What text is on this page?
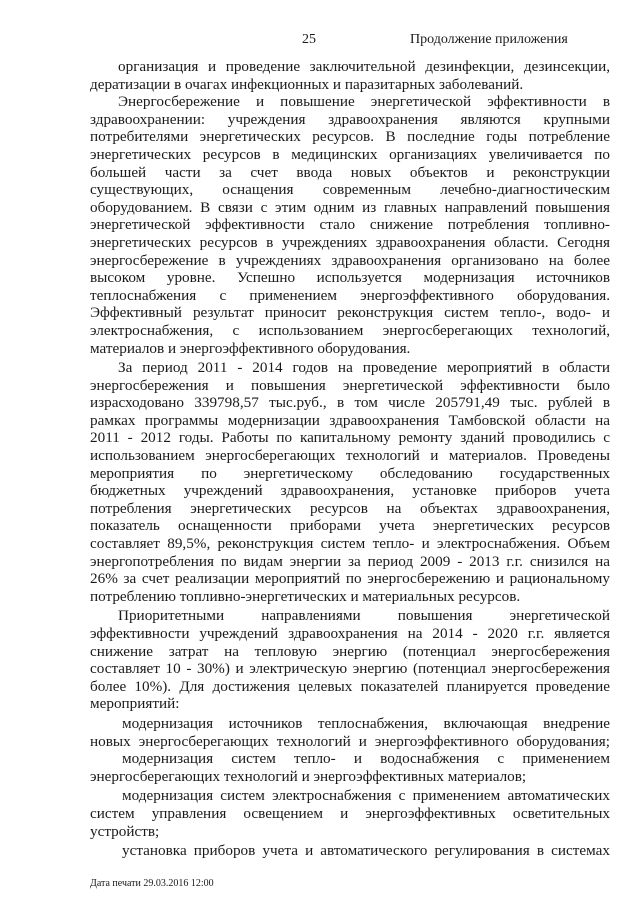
25	Продолжение приложения
организация и проведение заключительной дезинфекции, дезинсекции,
дератизации в очагах инфекционных и паразитарных заболеваний.
Энергосбережение и повышение энергетической эффективности в
здравоохранении: учреждения здравоохранения являются крупными
потребителями энергетических ресурсов. В последние годы потребление
энергетических ресурсов в медицинских организациях увеличивается по
большей части за счет ввода новых объектов и реконструкции
существующих, оснащения современным лечебно-диагностическим
оборудованием. В связи с этим одним из главных направлений повышения
энергетической эффективности стало снижение потребления топливно-
энергетических ресурсов в учреждениях здравоохранения области. Сегодня
энергосбережение в учреждениях здравоохранения организовано на более
высоком уровне. Успешно используется модернизация источников
теплоснабжения с применением энергоэффективного оборудования.
Эффективный результат приносит реконструкция систем тепло-, водо- и
электроснабжения, с использованием энергосберегающих технологий,
материалов и энергоэффективного оборудования.
За период 2011 - 2014 годов на проведение мероприятий в области
энергосбережения и повышения энергетической эффективности было
израсходовано 339798,57 тыс.руб., в том числе 205791,49 тыс. рублей в
рамках программы модернизации здравоохранения Тамбовской области на
2011 - 2012 годы. Работы по капитальному ремонту зданий проводились с
использованием энергосберегающих технологий и материалов. Проведены
мероприятия по энергетическому обследованию государственных
бюджетных учреждений здравоохранения, установке приборов учета
потребления энергетических ресурсов на объектах здравоохранения,
показатель оснащенности приборами учета энергетических ресурсов
составляет 89,5%, реконструкция систем тепло- и электроснабжения. Объем
энергопотребления по видам энергии за период 2009 - 2013 г.г. снизился на
26% за счет реализации мероприятий по энергосбережению и рациональному
потреблению топливно-энергетических и материальных ресурсов.
Приоритетными направлениями повышения энергетической
эффективности учреждений здравоохранения на 2014 - 2020 г.г. является
снижение затрат на тепловую энергию (потенциал энергосбережения
составляет 10 - 30%) и электрическую энергию (потенциал энергосбережения
более 10%). Для достижения целевых показателей планируется проведение
мероприятий:
модернизация источников теплоснабжения, включающая внедрение
новых энергосберегающих технологий и энергоэффективного оборудования;
модернизация систем тепло- и водоснабжения с применением
энергосберегающих технологий и энергоэффективных материалов;
модернизация систем электроснабжения с применением автоматических
систем управления освещением и энергоэффективных осветительных
устройств;
установка приборов учета и автоматического регулирования в системах
Дата печати 29.03.2016 12:00
